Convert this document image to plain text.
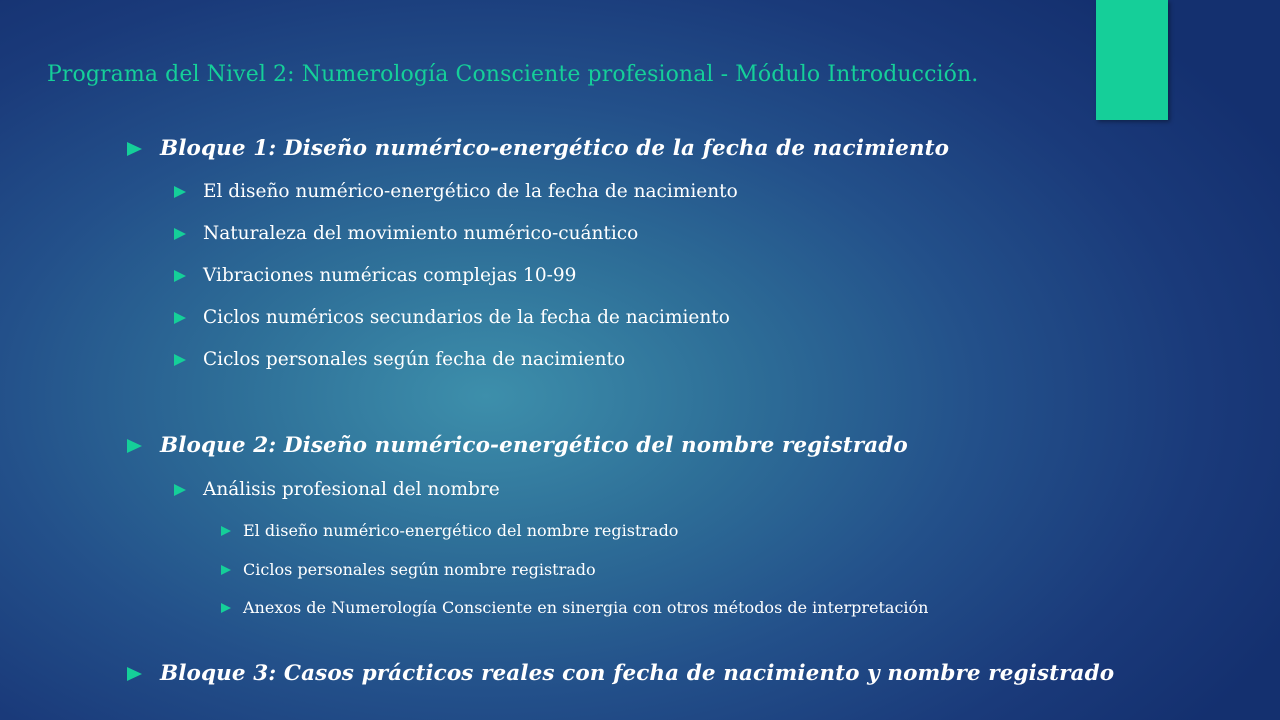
Programa del Nivel 2: Numerología Consciente profesional - Módulo Introducción.
Bloque 1: Diseño numérico-energético de la fecha de nacimiento
El diseño numérico-energético de la fecha de nacimiento
Naturaleza del movimiento numérico-cuántico
Vibraciones numéricas complejas 10-99
Ciclos numéricos secundarios de la fecha de nacimiento
Ciclos personales según fecha de nacimiento
Bloque 2: Diseño numérico-energético del nombre registrado
Análisis profesional del nombre
El diseño numérico-energético del nombre registrado
Ciclos personales según nombre registrado
Anexos de Numerología Consciente en sinergia con otros métodos de interpretación
Bloque 3: Casos prácticos reales con fecha de nacimiento y nombre registrado
